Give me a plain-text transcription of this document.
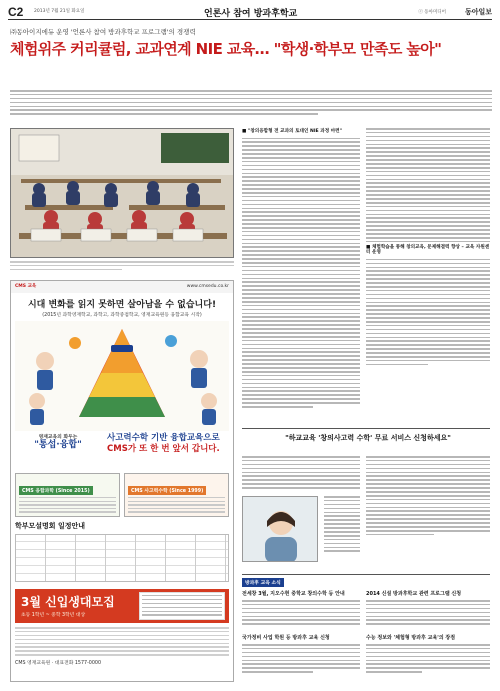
C2 2013년 7월 21일 화요일	언론사 참여 방과후학교	ⓒ 동아미디어	동아일보
㈜동아이지에듀 운영 '언론사 참여 방과후학교 프로그램'의 경쟁력
체험위주 커리큘럼, 교과연계 NIE 교육… "학생·학부모 만족도 높아"
■ "창의융합형 전 교과의 토대인 NIE 과정 마련"
■ 체험학습을 통해 창의교육, 문제해결력 향상 – 교육 자원센터 운영
"하교교육 '창의사고력 수학' 무료 서비스 신청하세요"
방과후 교육 소식
전세창 3월, 지오수현 중학교 창의수학 등 안내
국가정비 사업 학원 등 방과후 교육 신청
2014 신설 방과후학교 관련 프로그램 신청
수능 정보와 '체험형 방과후 교육'의 장점
CMS 교육	www.cmsedu.co.kr
시대 변화를 읽지 못하면 살아남을 수 없습니다!
(2015년 과학영재학교, 과학고, 과학중점학교, 영재교육원등 융합교육 시작)
영재교육의 화두는
"통섭·융합"
사고력수학 기반 융합교육으로
CMS가 또 한 번 앞서 갑니다.
CMS 융합과학 (Since 2015)	CMS 사고력수학 (Since 1999)
학부모설명회 일정안내
3월 신입생대모집
초등 1학년 ~ 중학 3학년 대상
CMS 영재교육원 · 대표전화 1577-0000
